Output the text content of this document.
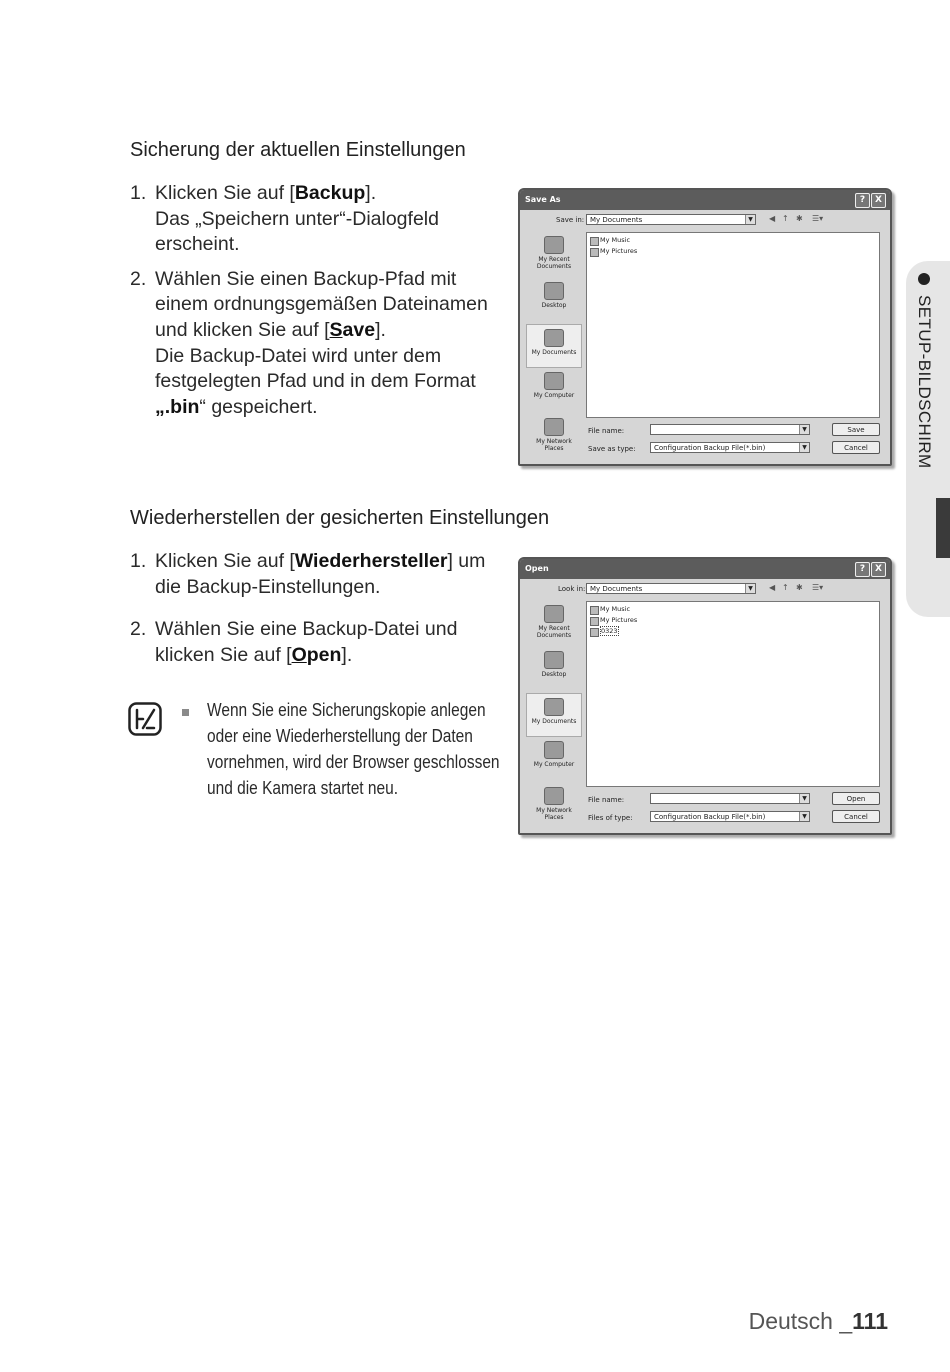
Sicherung der aktuellen Einstellungen
1. Klicken Sie auf [Backup].
Das „Speichern unter“-Dialogfeld
erscheint.
2. Wählen Sie einen Backup-Pfad mit
einem ordnungsgemäßen Dateinamen
und klicken Sie auf [Save].
Die Backup-Datei wird unter dem
festgelegten Pfad und in dem Format
„.bin“ gespeichert.
Wiederherstellen der gesicherten Einstellungen
1. Klicken Sie auf [Wiederhersteller] um
die Backup-Einstellungen.
2. Wählen Sie eine Backup-Datei und
klicken Sie auf [Open].
Wenn Sie eine Sicherungskopie anlegen
oder eine Wiederherstellung der Daten
vornehmen, wird der Browser geschlossen
und die Kamera startet neu.
SETUP-BILDSCHIRM
Save As	?	X
Save in: My Documents	▼ ◀ ↑ ✱ ☰▾
My Recent Documents
Desktop
My Documents
My Computer
My Network Places
My Music
My Pictures
File name:	▼
Save as type:	Configuration Backup File(*.bin)	▼
Save
Cancel
Open	?	X
Look in: My Documents	▼ ◀ ↑ ✱ ☰▾
My Recent Documents
Desktop
My Documents
My Computer
My Network Places
My Music
My Pictures
0323
File name:	▼
Files of type:	Configuration Backup File(*.bin)	▼
Open
Cancel
Deutsch _111
